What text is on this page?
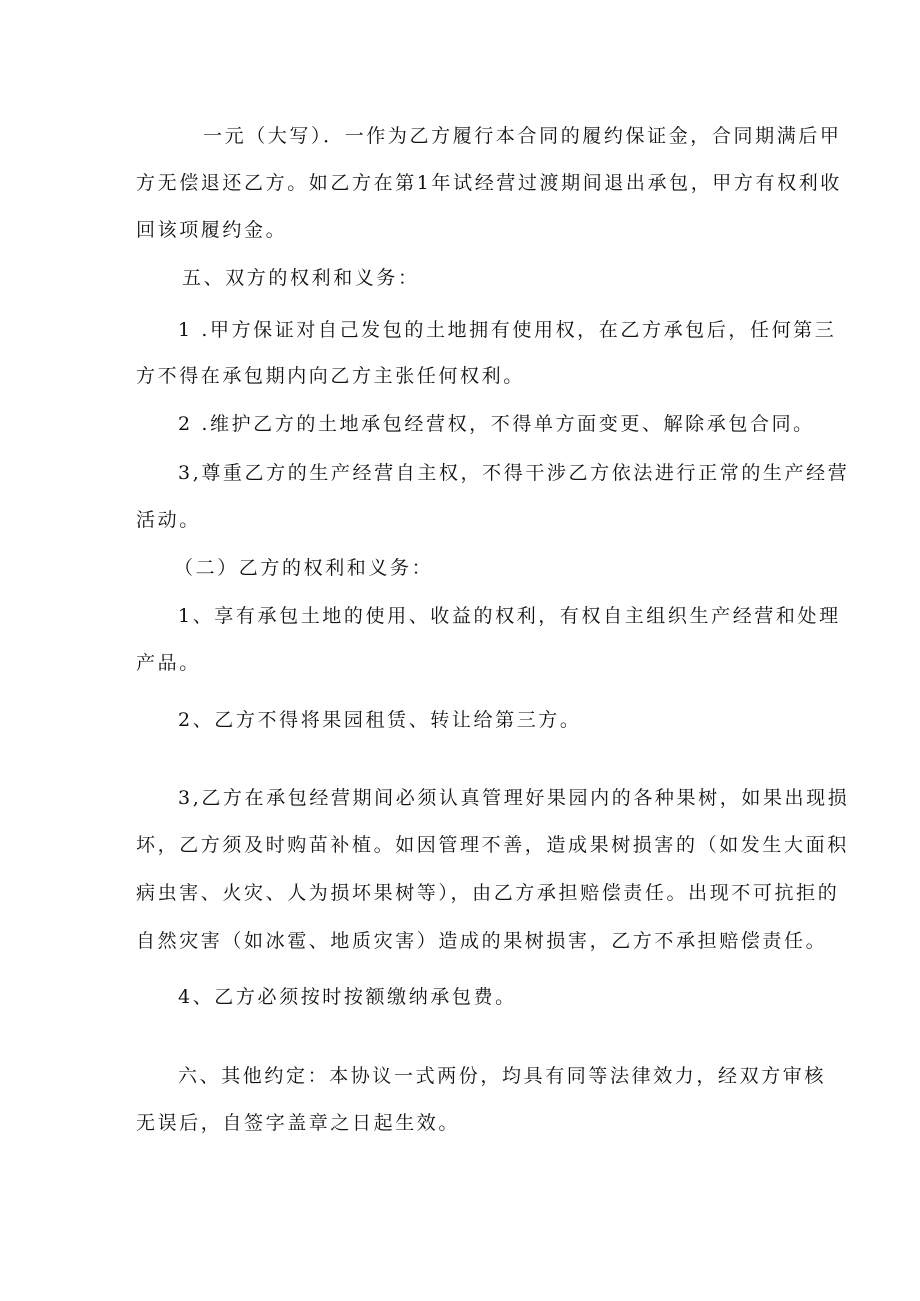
一元（大写）．一作为乙方履行本合同的履约保证金，合同期满后甲
方无偿退还乙方。如乙方在第1年试经营过渡期间退出承包，甲方有权利收
回该项履约金。
五、双方的权利和义务：
1 .甲方保证对自己发包的土地拥有使用权，在乙方承包后，任何第三
方不得在承包期内向乙方主张任何权利。
2 .维护乙方的土地承包经营权，不得单方面变更、解除承包合同。
3,尊重乙方的生产经营自主权，不得干涉乙方依法进行正常的生产经营
活动。
（二）乙方的权利和义务：
1、享有承包土地的使用、收益的权利，有权自主组织生产经营和处理
产品。
2、乙方不得将果园租赁、转让给第三方。
3,乙方在承包经营期间必须认真管理好果园内的各种果树，如果出现损
坏，乙方须及时购苗补植。如因管理不善，造成果树损害的（如发生大面积
病虫害、火灾、人为损坏果树等），由乙方承担赔偿责任。出现不可抗拒的
自然灾害（如冰雹、地质灾害）造成的果树损害，乙方不承担赔偿责任。
4、乙方必须按时按额缴纳承包费。
六、其他约定：本协议一式两份，均具有同等法律效力，经双方审核
无误后，自签字盖章之日起生效。
